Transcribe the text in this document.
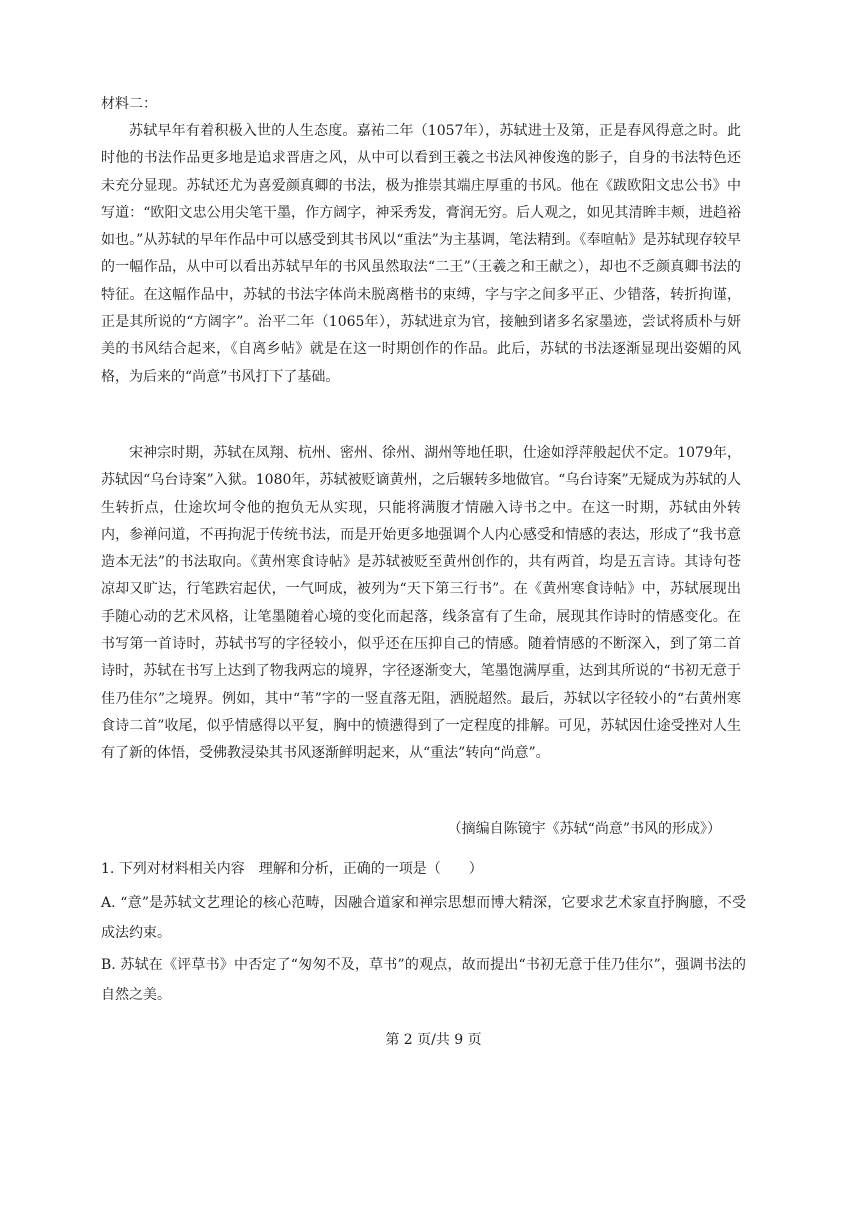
材料二：

苏轼早年有着积极入世的人生态度。嘉祐二年（1057年），苏轼进士及第，正是春风得意之时。此时他的书法作品更多地是追求晋唐之风，从中可以看到王羲之书法风神俊逸的影子，自身的书法特色还未充分显现。苏轼还尤为喜爱颜真卿的书法，极为推崇其端庄厚重的书风。他在《跋欧阳文忠公书》中写道：“欧阳文忠公用尖笔干墨，作方阔字，神采秀发，膏润无穷。后人观之，如见其清眸丰颊，进趋裕如也。”从苏轼的早年作品中可以感受到其书风以“重法”为主基调，笔法精到。《奉喧帖》是苏轼现存较早的一幅作品，从中可以看出苏轼早年的书风虽然取法“二王”（王羲之和王献之），却也不乏颜真卿书法的特征。在这幅作品中，苏轼的书法字体尚未脱离楷书的束缚，字与字之间多平正、少错落，转折拘谨，正是其所说的“方阔字”。治平二年（1065年），苏轼进京为官，接触到诸多名家墨迹，尝试将质朴与妍美的书风结合起来，《自离乡帖》就是在这一时期创作的作品。此后，苏轼的书法逐渐显现出姿媚的风格，为后来的“尚意”书风打下了基础。

宋神宗时期，苏轼在凤翔、杭州、密州、徐州、湖州等地任职，仕途如浮萍般起伏不定。1079年，苏轼因“乌台诗案”入狱。1080年，苏轼被贬谪黄州，之后辗转多地做官。“乌台诗案”无疑成为苏轼的人生转折点，仕途坎坷令他的抱负无从实现，只能将满腹才情融入诗书之中。在这一时期，苏轼由外转内，参禅问道，不再拘泥于传统书法，而是开始更多地强调个人内心感受和情感的表达，形成了“我书意造本无法”的书法取向。《黄州寒食诗帖》是苏轼被贬至黄州创作的，共有两首，均是五言诗。其诗句苍凉却又旷达，行笔跌宕起伏，一气呵成，被列为“天下第三行书”。在《黄州寒食诗帖》中，苏轼展现出手随心动的艺术风格，让笔墨随着心境的变化而起落，线条富有了生命，展现其作诗时的情感变化。在书写第一首诗时，苏轼书写的字径较小，似乎还在压抑自己的情感。随着情感的不断深入，到了第二首诗时，苏轼在书写上达到了物我两忘的境界，字径逐渐变大，笔墨饱满厚重，达到其所说的“书初无意于佳乃佳尔”之境界。例如，其中“苇”字的一竖直落无阻，洒脱超然。最后，苏轼以字径较小的“右黄州寒食诗二首”收尾，似乎情感得以平复，胸中的愤懑得到了一定程度的排解。可见，苏轼因仕途受挫对人生有了新的体悟，受佛教浸染其书风逐渐鲜明起来，从“重法”转向“尚意”。

（摘编自陈镜宇《苏轼“尚意”书风的形成》）
1. 下列对材料相关内容　理解和分析，正确的一项是（　　）
A. “意”是苏轼文艺理论的核心范畴，因融合道家和禅宗思想而博大精深，它要求艺术家直抒胸臆，不受成法约束。
B. 苏轼在《评草书》中否定了“匆匆不及，草书”的观点，故而提出“书初无意于佳乃佳尔”，强调书法的自然之美。
第 2 页/共 9 页
